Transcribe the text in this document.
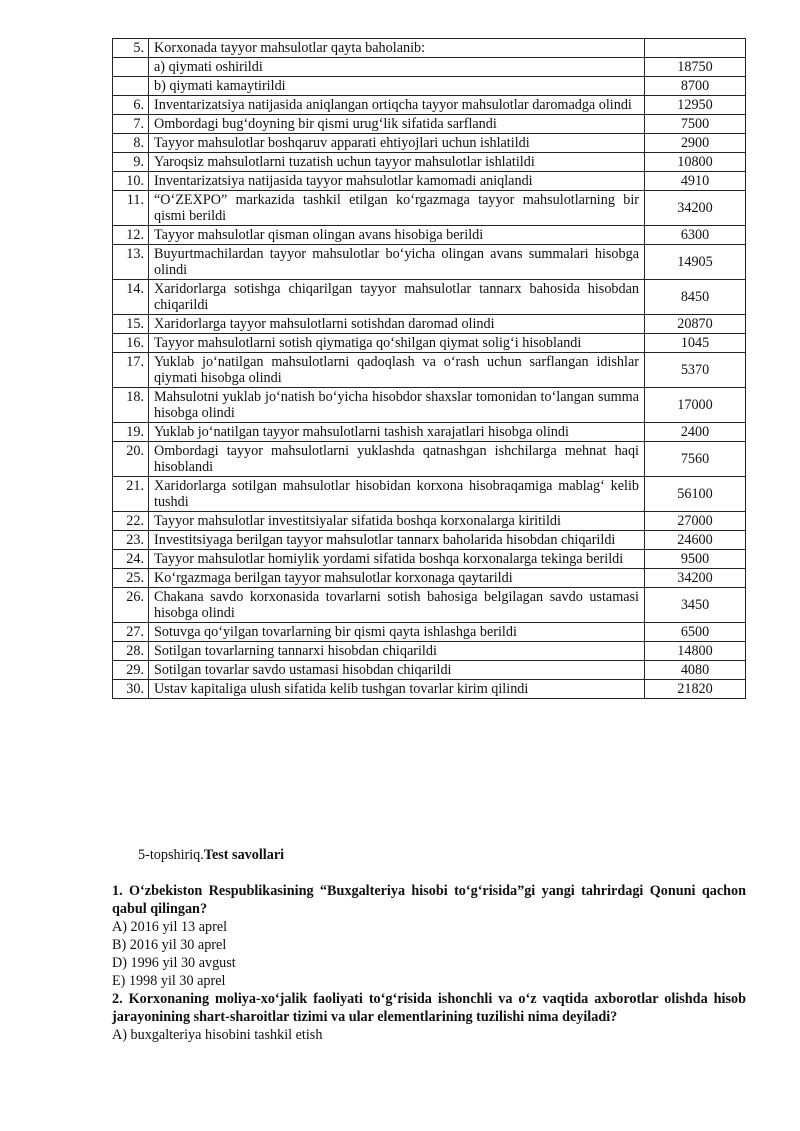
5.	Korxonada tayyor mahsulotlar qayta baholanib:	
	a) qiymati oshirildi	18750
	b) qiymati kamaytirildi	8700
6.	Inventarizatsiya natijasida aniqlangan ortiqcha tayyor mahsulotlar daromadga olindi	12950
7.	Ombordagi bug‘doyning bir qismi urug‘lik sifatida sarflandi	7500
8.	Tayyor mahsulotlar boshqaruv apparati ehtiyojlari uchun ishlatildi	2900
9.	Yaroqsiz mahsulotlarni tuzatish uchun tayyor mahsulotlar ishlatildi	10800
10.	Inventarizatsiya natijasida tayyor mahsulotlar kamomadi aniqlandi	4910
11.	“O‘ZEXPO” markazida tashkil etilgan ko‘rgazmaga tayyor mahsulotlarning bir qismi berildi	34200
12.	Tayyor mahsulotlar qisman olingan avans hisobiga berildi	6300
13.	Buyurtmachilardan tayyor mahsulotlar bo‘yicha olingan avans summalari hisobga olindi	14905
14.	Xaridorlarga sotishga chiqarilgan tayyor mahsulotlar tannarx bahosida hisobdan chiqarildi	8450
15.	Xaridorlarga tayyor mahsulotlarni sotishdan daromad olindi	20870
16.	Tayyor mahsulotlarni sotish qiymatiga qo‘shilgan qiymat solig‘i hisoblandi	1045
17.	Yuklab jo‘natilgan mahsulotlarni qadoqlash va o‘rash uchun sarflangan idishlar qiymati hisobga olindi	5370
18.	Mahsulotni yuklab jo‘natish bo‘yicha hisobdor shaxslar tomonidan to‘langan summa hisobga olindi	17000
19.	Yuklab jo‘natilgan tayyor mahsulotlarni tashish xarajatlari hisobga olindi	2400
20.	Ombordagi tayyor mahsulotlarni yuklashda qatnashgan ishchilarga mehnat haqi hisoblandi	7560
21.	Xaridorlarga sotilgan mahsulotlar hisobidan korxona hisobraqamiga mablag‘ kelib tushdi	56100
22.	Tayyor mahsulotlar investitsiyalar sifatida boshqa korxonalarga kiritildi	27000
23.	Investitsiyaga berilgan tayyor mahsulotlar tannarx baholarida hisobdan chiqarildi	24600
24.	Tayyor mahsulotlar homiylik yordami sifatida boshqa korxonalarga tekinga berildi	9500
25.	Ko‘rgazmaga berilgan tayyor mahsulotlar korxonaga qaytarildi	34200
26.	Chakana savdo korxonasida tovarlarni sotish bahosiga belgilagan savdo ustamasi hisobga olindi	3450
27.	Sotuvga qo‘yilgan tovarlarning bir qismi qayta ishlashga berildi	6500
28.	Sotilgan tovarlarning tannarxi hisobdan chiqarildi	14800
29.	Sotilgan tovarlar savdo ustamasi hisobdan chiqarildi	4080
30.	Ustav kapitaliga ulush sifatida kelib tushgan tovarlar kirim qilindi	21820
5-topshiriq.Test savollari

1. O‘zbekiston Respublikasining “Buxgalteriya hisobi to‘g‘risida”gi yangi tahrirdagi Qonuni qachon qabul qilingan?

A) 2016 yil 13 aprel

B) 2016 yil 30 aprel

D) 1996 yil 30 avgust

E) 1998 yil 30 aprel

2. Korxonaning moliya-xo‘jalik faoliyati to‘g‘risida ishonchli va o‘z vaqtida axborotlar olishda hisob jarayonining shart-sharoitlar tizimi va ular elementlarining tuzilishi nima deyiladi?

A) buxgalteriya hisobini tashkil etish
